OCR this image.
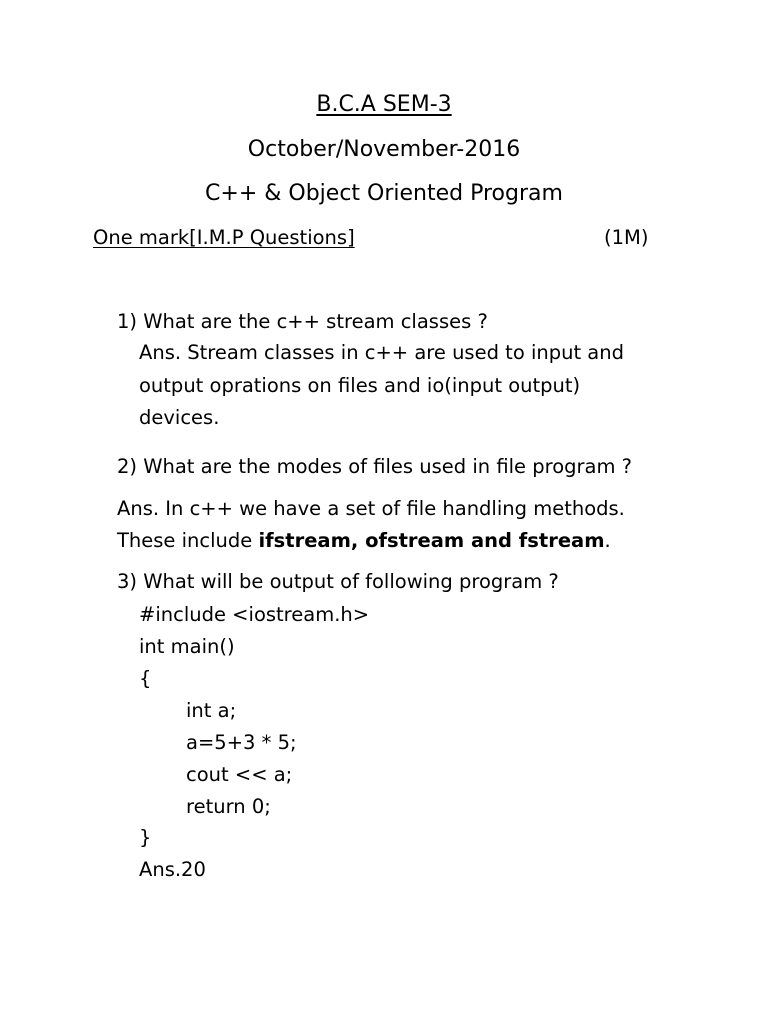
B.C.A SEM-3
October/November-2016
C++ & Object Oriented Program
One mark[I.M.P Questions]	(1M)
1) What are the c++ stream classes ?
Ans. Stream classes in c++ are used to input and
output oprations on files and io(input output)
devices.
2) What are the modes of files used in file program ?
Ans. In c++ we have a set of file handling methods.
These include ifstream, ofstream and fstream.
3) What will be output of following program ?
#include <iostream.h>
int main()
{
int a;
a=5+3 * 5;
cout << a;
return 0;
}
Ans.20
